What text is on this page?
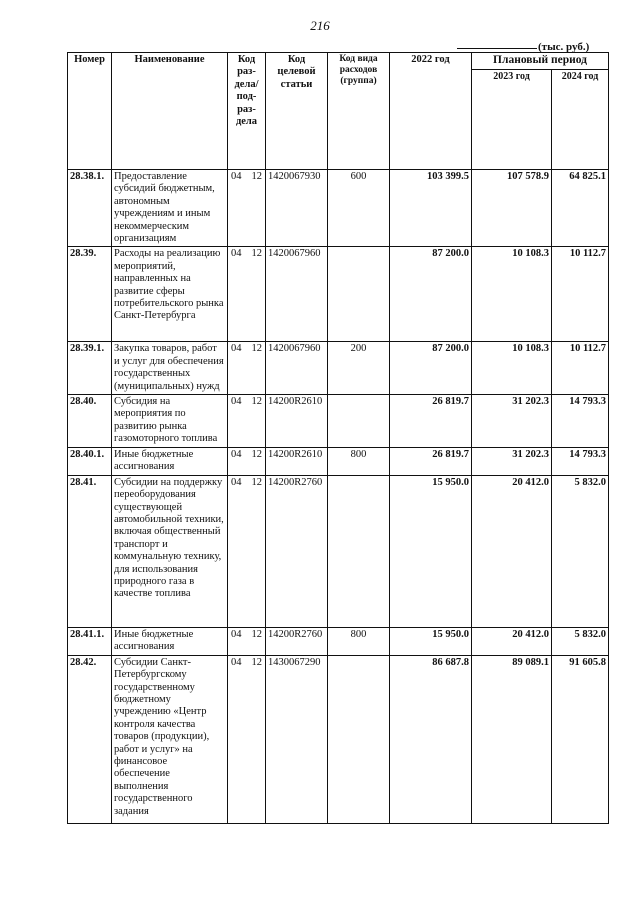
216
(тыс. руб.)
Номер	Наименование	Код раз-дела/ под-раз-дела	Код целевой статьи	Код вида расходов (группа)	2022 год	Плановый период	
						2023 год	2024 год
28.38.1.	Предоставление субсидий бюджетным, автономным учреждениям и иным некоммерческим организациям	04 12	1420067930	600	103 399.5	107 578.9	64 825.1
28.39.	Расходы на реализацию мероприятий, направленных на развитие сферы потребительского рынка Санкт-Петербурга	04 12	1420067960		87 200.0	10 108.3	10 112.7
28.39.1.	Закупка товаров, работ и услуг для обеспечения государственных (муниципальных) нужд	04 12	1420067960	200	87 200.0	10 108.3	10 112.7
28.40.	Субсидия на мероприятия по развитию рынка газомоторного топлива	04 12	14200R2610		26 819.7	31 202.3	14 793.3
28.40.1.	Иные бюджетные ассигнования	04 12	14200R2610	800	26 819.7	31 202.3	14 793.3
28.41.	Субсидии на поддержку переоборудования существующей автомобильной техники, включая общественный транспорт и коммунальную технику, для использования природного газа в качестве топлива	04 12	14200R2760		15 950.0	20 412.0	5 832.0
28.41.1.	Иные бюджетные ассигнования	04 12	14200R2760	800	15 950.0	20 412.0	5 832.0
28.42.	Субсидии Санкт-Петербургскому государственному бюджетному учреждению «Центр контроля качества товаров (продукции), работ и услуг» на финансовое обеспечение выполнения государственного задания	04 12	1430067290		86 687.8	89 089.1	91 605.8
